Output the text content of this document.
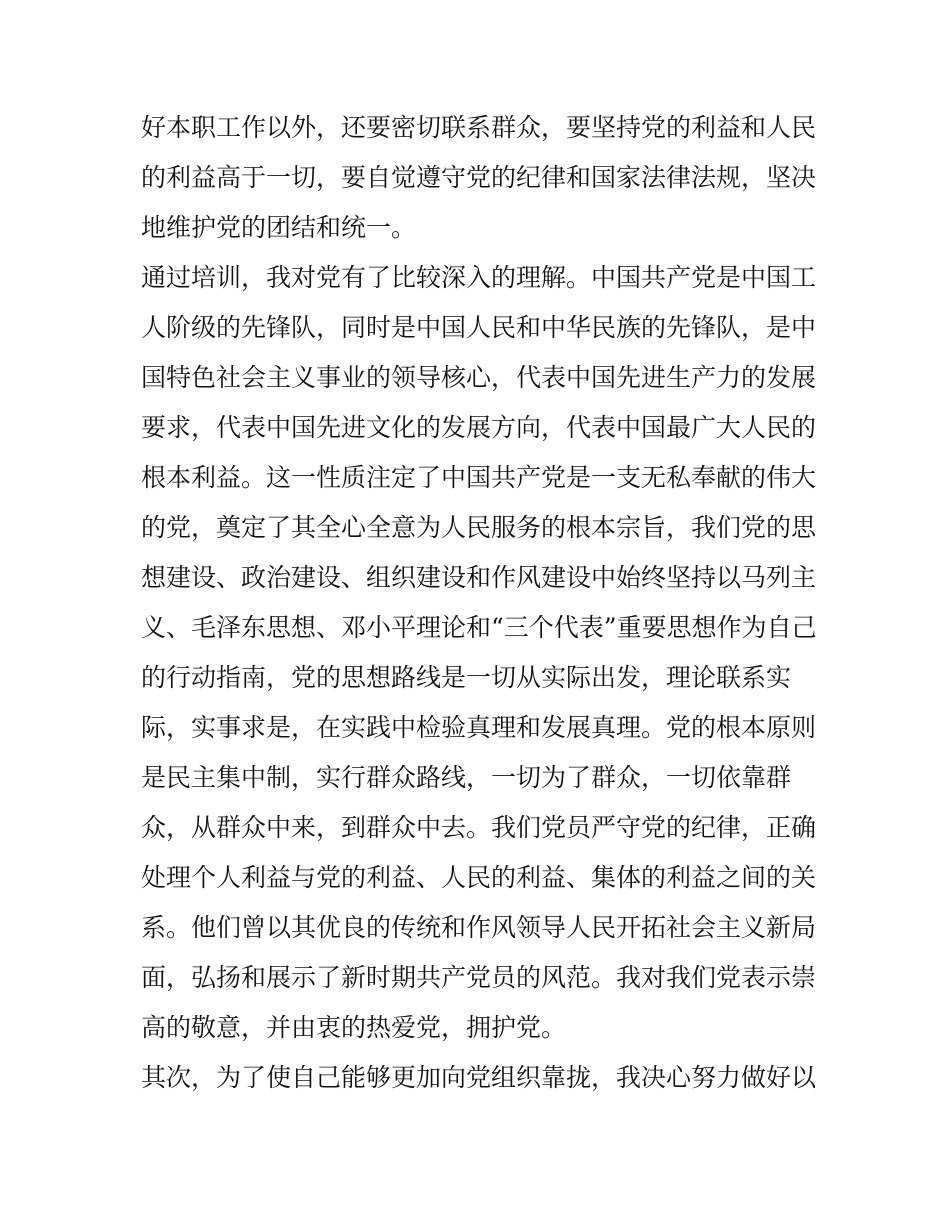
好本职工作以外，还要密切联系群众，要坚持党的利益和人民
的利益高于一切，要自觉遵守党的纪律和国家法律法规，坚决
地维护党的团结和统一。
通过培训，我对党有了比较深入的理解。中国共产党是中国工
人阶级的先锋队，同时是中国人民和中华民族的先锋队，是中
国特色社会主义事业的领导核心，代表中国先进生产力的发展
要求，代表中国先进文化的发展方向，代表中国最广大人民的
根本利益。这一性质注定了中国共产党是一支无私奉献的伟大
的党，奠定了其全心全意为人民服务的根本宗旨，我们党的思
想建设、政治建设、组织建设和作风建设中始终坚持以马列主
义、毛泽东思想、邓小平理论和“三个代表”重要思想作为自己
的行动指南，党的思想路线是一切从实际出发，理论联系实
际，实事求是，在实践中检验真理和发展真理。党的根本原则
是民主集中制，实行群众路线，一切为了群众，一切依靠群
众，从群众中来，到群众中去。我们党员严守党的纪律，正确
处理个人利益与党的利益、人民的利益、集体的利益之间的关
系。他们曾以其优良的传统和作风领导人民开拓社会主义新局
面，弘扬和展示了新时期共产党员的风范。我对我们党表示崇
高的敬意，并由衷的热爱党，拥护党。
其次，为了使自己能够更加向党组织靠拢，我决心努力做好以
